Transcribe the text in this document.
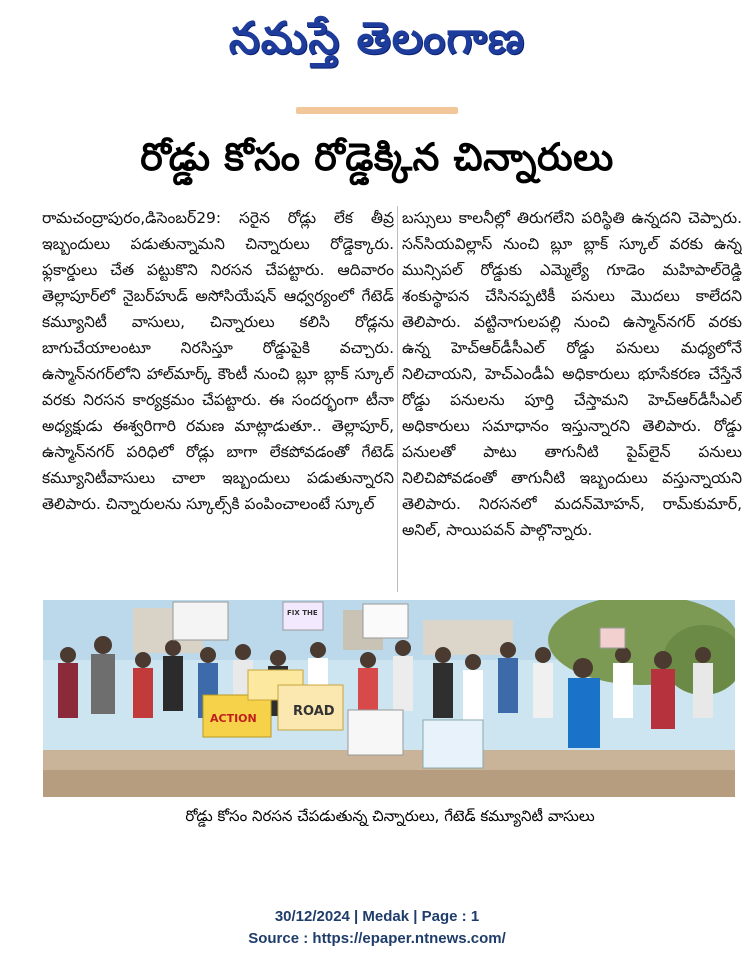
నమస్తే తెలంగాణ
రోడ్డు కోసం రోడ్డెక్కిన చిన్నారులు
రామచంద్రాపురం,డిసెంబర్29: సరైన రోడ్లు లేక తీవ్ర ఇబ్బందులు పడుతున్నామని చిన్నారులు రోడ్డెక్కారు. ఫ్లకార్డులు చేత పట్టుకొని నిరసన చేపట్టారు. ఆదివారం తెల్లాపూర్‌లో నైబర్‌హుడ్ అసోసియేషన్ ఆధ్వర్యంలో గేటెడ్ కమ్యూనిటీ వాసులు, చిన్నారులు కలిసి రోడ్లను బాగుచేయాలంటూ నిరసిస్తూ రోడ్డుపైకి వచ్చారు. ఉస్మాన్‌నగర్‌లోని హాల్‌మార్క్ కౌంటీ నుంచి బ్లూ బ్లాక్ స్కూల్ వరకు నిరసన కార్యక్రమం చేపట్టారు. ఈ సందర్భంగా టీనా అధ్యక్షుడు ఈశ్వరిగారి రమణ మాట్లాడుతూ.. తెల్లాపూర్, ఉస్మాన్‌నగర్ పరిధిలో రోడ్లు బాగా లేకపోవడంతో గేటెడ్ కమ్యూనిటీవాసులు చాలా ఇబ్బందులు పడుతున్నారని తెలిపారు. చిన్నారులను స్కూల్స్‌కి పంపించాలంటే స్కూల్
బస్సులు కాలనీల్లో తిరుగలేని పరిస్థితి ఉన్నదని చెప్పారు. సన్‌సియవిల్లాస్ నుంచి బ్లూ బ్లాక్ స్కూల్ వరకు ఉన్న మున్సిపల్ రోడ్డుకు ఎమ్మెల్యే గూడెం మహిపాల్‌రెడ్డి శంకుస్థాపన చేసినప్పటికీ పనులు మొదలు కాలేదని తెలిపారు. వట్టినాగులపల్లి నుంచి ఉస్మాన్‌నగర్ వరకు ఉన్న హెచ్‌ఆర్‌డీసీఎల్ రోడ్డు పనులు మధ్యలోనే నిలిచాయని, హెచ్‌ఎండీఏ అధికారులు భూసేకరణ చేస్తేనే రోడ్డు పనులను పూర్తి చేస్తామని హెచ్‌ఆర్‌డీసీఎల్ అధికారులు సమాధానం ఇస్తున్నారని తెలిపారు. రోడ్డు పనులతో పాటు తాగునీటి పైప్‌లైన్ పనులు నిలిచిపోవడంతో తాగునీటి ఇబ్బందులు వస్తున్నాయని తెలిపారు. నిరసనలో మదన్‌మోహన్, రామ్‌కుమార్, అనిల్, సాయిపవన్ పాల్గొన్నారు.
ACTION
FIX THE
ROAD
రోడ్డు కోసం నిరసన చేపడుతున్న చిన్నారులు, గేటెడ్ కమ్యూనిటీ వాసులు
30/12/2024 | Medak | Page : 1
Source : https://epaper.ntnews.com/
